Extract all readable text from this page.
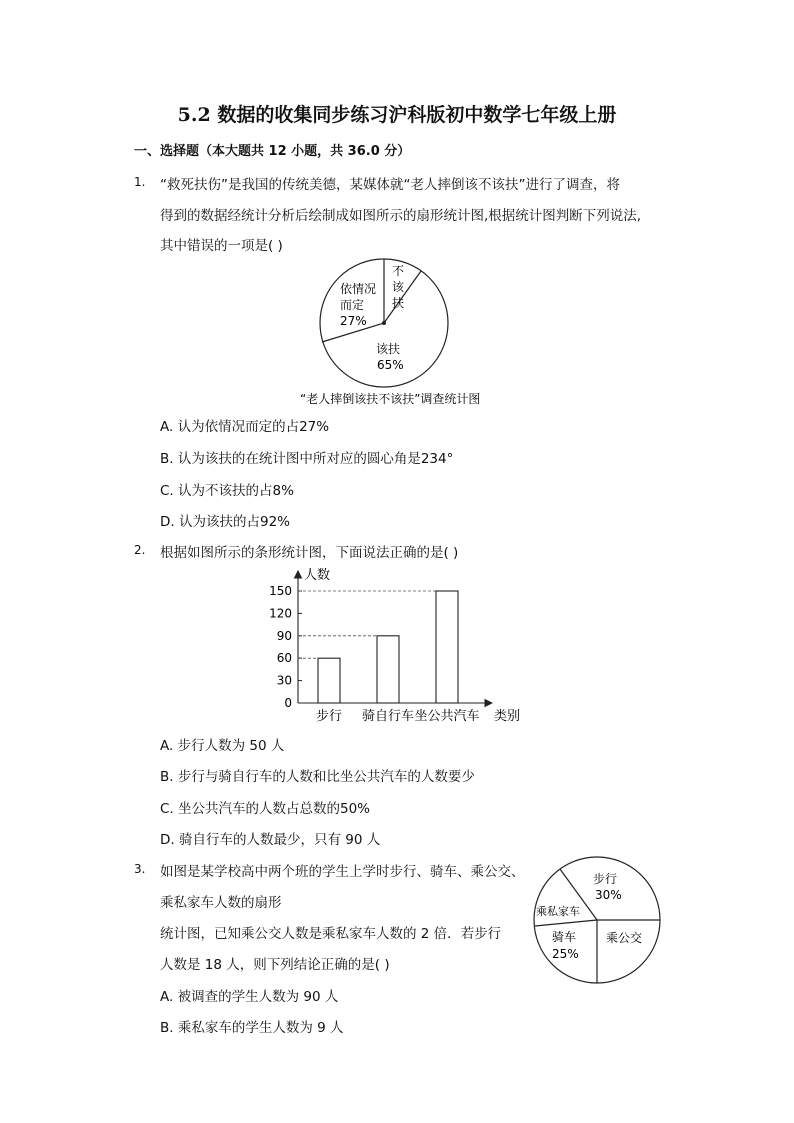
5.2 数据的收集同步练习沪科版初中数学七年级上册
一、选择题（本大题共 12 小题，共 36.0 分）
1. “救死扶伤”是我国的传统美德，某媒体就“老人摔倒该不该扶”进行了调查，将
得到的数据经统计分析后绘制成如图所示的扇形统计图,根据统计图判断下列说法,
其中错误的一项是( )
不
该
扶
依情况
而定
27%
该扶
65%
“老人摔倒该扶不该扶”调查统计图
A. 认为依情况而定的占27%
B. 认为该扶的在统计图中所对应的圆心角是234°
C. 认为不该扶的占8%
D. 认为该扶的占92%
2. 根据如图所示的条形统计图，下面说法正确的是( )
人数
类别
0
30
60
90
120
150
步行 骑自行车 坐公共汽车
A. 步行人数为 50 人
B. 步行与骑自行车的人数和比坐公共汽车的人数要少
C. 坐公共汽车的人数占总数的50%
D. 骑自行车的人数最少，只有 90 人
3. 如图是某学校高中两个班的学生上学时步行、骑车、乘公交、
乘私家车人数的扇形
统计图，已知乘公交人数是乘私家车人数的 2 倍．若步行
人数是 18 人，则下列结论正确的是( )
步行
30%
乘私家车
乘公交
骑车
25%
A. 被调查的学生人数为 90 人
B. 乘私家车的学生人数为 9 人
